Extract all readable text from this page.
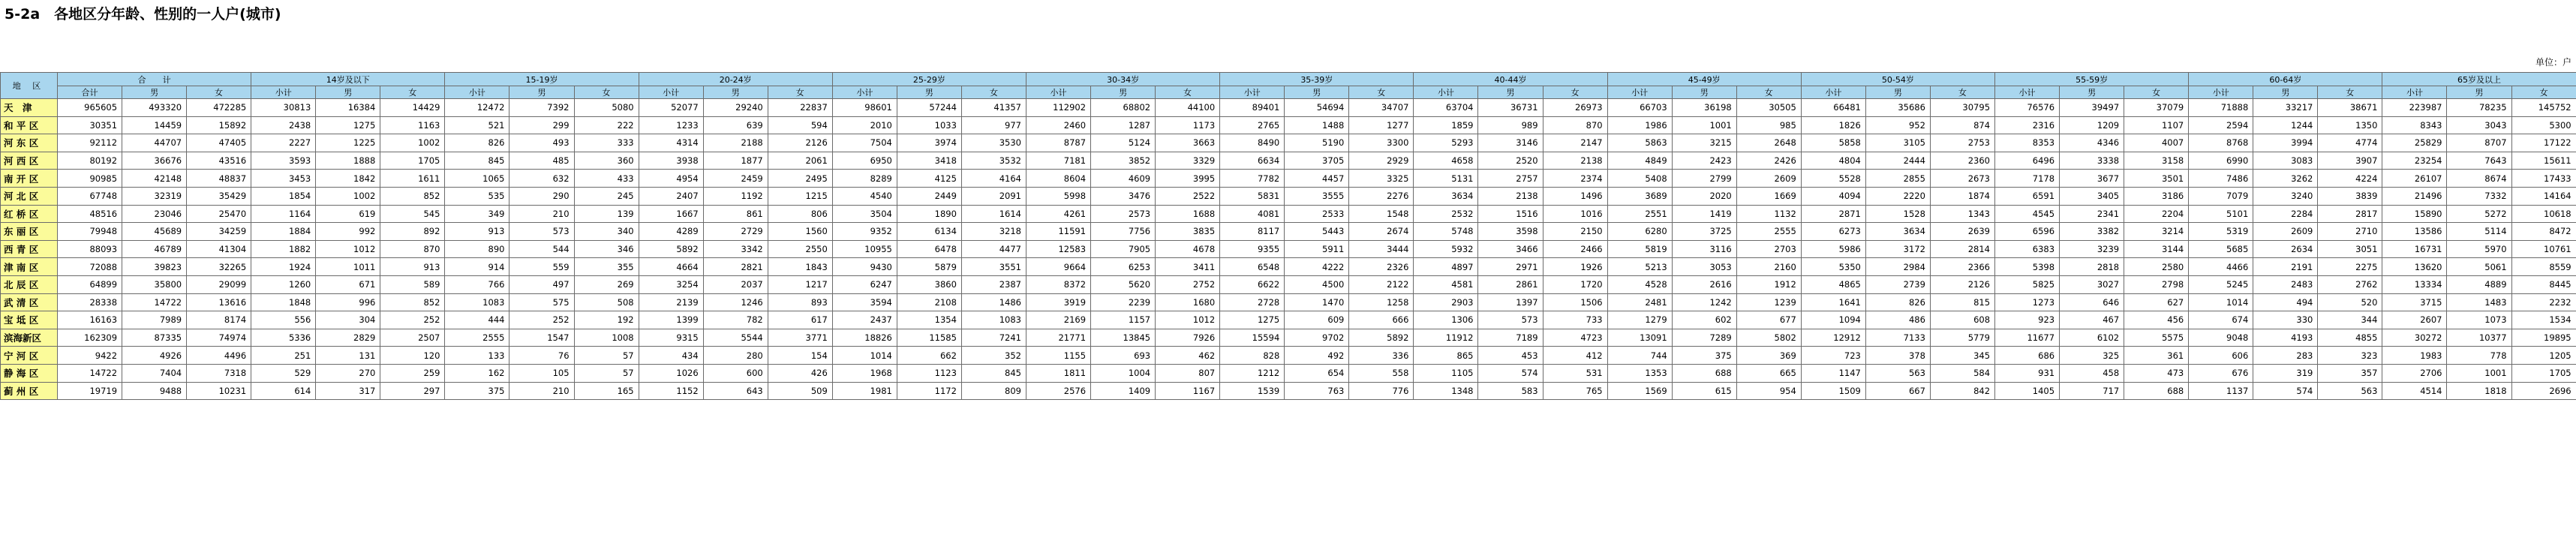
5-2a　各地区分年龄、性别的一人户(城市)
单位：户
地 区	合　　计			14岁及以下			15-19岁			20-24岁			25-29岁			30-34岁			35-39岁			40-44岁			45-49岁			50-54岁			55-59岁			60-64岁			65岁及以上		
	合计	男	女	小计	男	女	小计	男	女	小计	男	女	小计	男	女	小计	男	女	小计	男	女	小计	男	女	小计	男	女	小计	男	女	小计	男	女	小计	男	女	小计	男	女
天　津	965605	493320	472285	30813	16384	14429	12472	7392	5080	52077	29240	22837	98601	57244	41357	112902	68802	44100	89401	54694	34707	63704	36731	26973	66703	36198	30505	66481	35686	30795	76576	39497	37079	71888	33217	38671	223987	78235	145752
和 平 区	30351	14459	15892	2438	1275	1163	521	299	222	1233	639	594	2010	1033	977	2460	1287	1173	2765	1488	1277	1859	989	870	1986	1001	985	1826	952	874	2316	1209	1107	2594	1244	1350	8343	3043	5300
河 东 区	92112	44707	47405	2227	1225	1002	826	493	333	4314	2188	2126	7504	3974	3530	8787	5124	3663	8490	5190	3300	5293	3146	2147	5863	3215	2648	5858	3105	2753	8353	4346	4007	8768	3994	4774	25829	8707	17122
河 西 区	80192	36676	43516	3593	1888	1705	845	485	360	3938	1877	2061	6950	3418	3532	7181	3852	3329	6634	3705	2929	4658	2520	2138	4849	2423	2426	4804	2444	2360	6496	3338	3158	6990	3083	3907	23254	7643	15611
南 开 区	90985	42148	48837	3453	1842	1611	1065	632	433	4954	2459	2495	8289	4125	4164	8604	4609	3995	7782	4457	3325	5131	2757	2374	5408	2799	2609	5528	2855	2673	7178	3677	3501	7486	3262	4224	26107	8674	17433
河 北 区	67748	32319	35429	1854	1002	852	535	290	245	2407	1192	1215	4540	2449	2091	5998	3476	2522	5831	3555	2276	3634	2138	1496	3689	2020	1669	4094	2220	1874	6591	3405	3186	7079	3240	3839	21496	7332	14164
红 桥 区	48516	23046	25470	1164	619	545	349	210	139	1667	861	806	3504	1890	1614	4261	2573	1688	4081	2533	1548	2532	1516	1016	2551	1419	1132	2871	1528	1343	4545	2341	2204	5101	2284	2817	15890	5272	10618
东 丽 区	79948	45689	34259	1884	992	892	913	573	340	4289	2729	1560	9352	6134	3218	11591	7756	3835	8117	5443	2674	5748	3598	2150	6280	3725	2555	6273	3634	2639	6596	3382	3214	5319	2609	2710	13586	5114	8472
西 青 区	88093	46789	41304	1882	1012	870	890	544	346	5892	3342	2550	10955	6478	4477	12583	7905	4678	9355	5911	3444	5932	3466	2466	5819	3116	2703	5986	3172	2814	6383	3239	3144	5685	2634	3051	16731	5970	10761
津 南 区	72088	39823	32265	1924	1011	913	914	559	355	4664	2821	1843	9430	5879	3551	9664	6253	3411	6548	4222	2326	4897	2971	1926	5213	3053	2160	5350	2984	2366	5398	2818	2580	4466	2191	2275	13620	5061	8559
北 辰 区	64899	35800	29099	1260	671	589	766	497	269	3254	2037	1217	6247	3860	2387	8372	5620	2752	6622	4500	2122	4581	2861	1720	4528	2616	1912	4865	2739	2126	5825	3027	2798	5245	2483	2762	13334	4889	8445
武 清 区	28338	14722	13616	1848	996	852	1083	575	508	2139	1246	893	3594	2108	1486	3919	2239	1680	2728	1470	1258	2903	1397	1506	2481	1242	1239	1641	826	815	1273	646	627	1014	494	520	3715	1483	2232
宝 坻 区	16163	7989	8174	556	304	252	444	252	192	1399	782	617	2437	1354	1083	2169	1157	1012	1275	609	666	1306	573	733	1279	602	677	1094	486	608	923	467	456	674	330	344	2607	1073	1534
滨海新区	162309	87335	74974	5336	2829	2507	2555	1547	1008	9315	5544	3771	18826	11585	7241	21771	13845	7926	15594	9702	5892	11912	7189	4723	13091	7289	5802	12912	7133	5779	11677	6102	5575	9048	4193	4855	30272	10377	19895
宁 河 区	9422	4926	4496	251	131	120	133	76	57	434	280	154	1014	662	352	1155	693	462	828	492	336	865	453	412	744	375	369	723	378	345	686	325	361	606	283	323	1983	778	1205
静 海 区	14722	7404	7318	529	270	259	162	105	57	1026	600	426	1968	1123	845	1811	1004	807	1212	654	558	1105	574	531	1353	688	665	1147	563	584	931	458	473	676	319	357	2706	1001	1705
蓟 州 区	19719	9488	10231	614	317	297	375	210	165	1152	643	509	1981	1172	809	2576	1409	1167	1539	763	776	1348	583	765	1569	615	954	1509	667	842	1405	717	688	1137	574	563	4514	1818	2696
